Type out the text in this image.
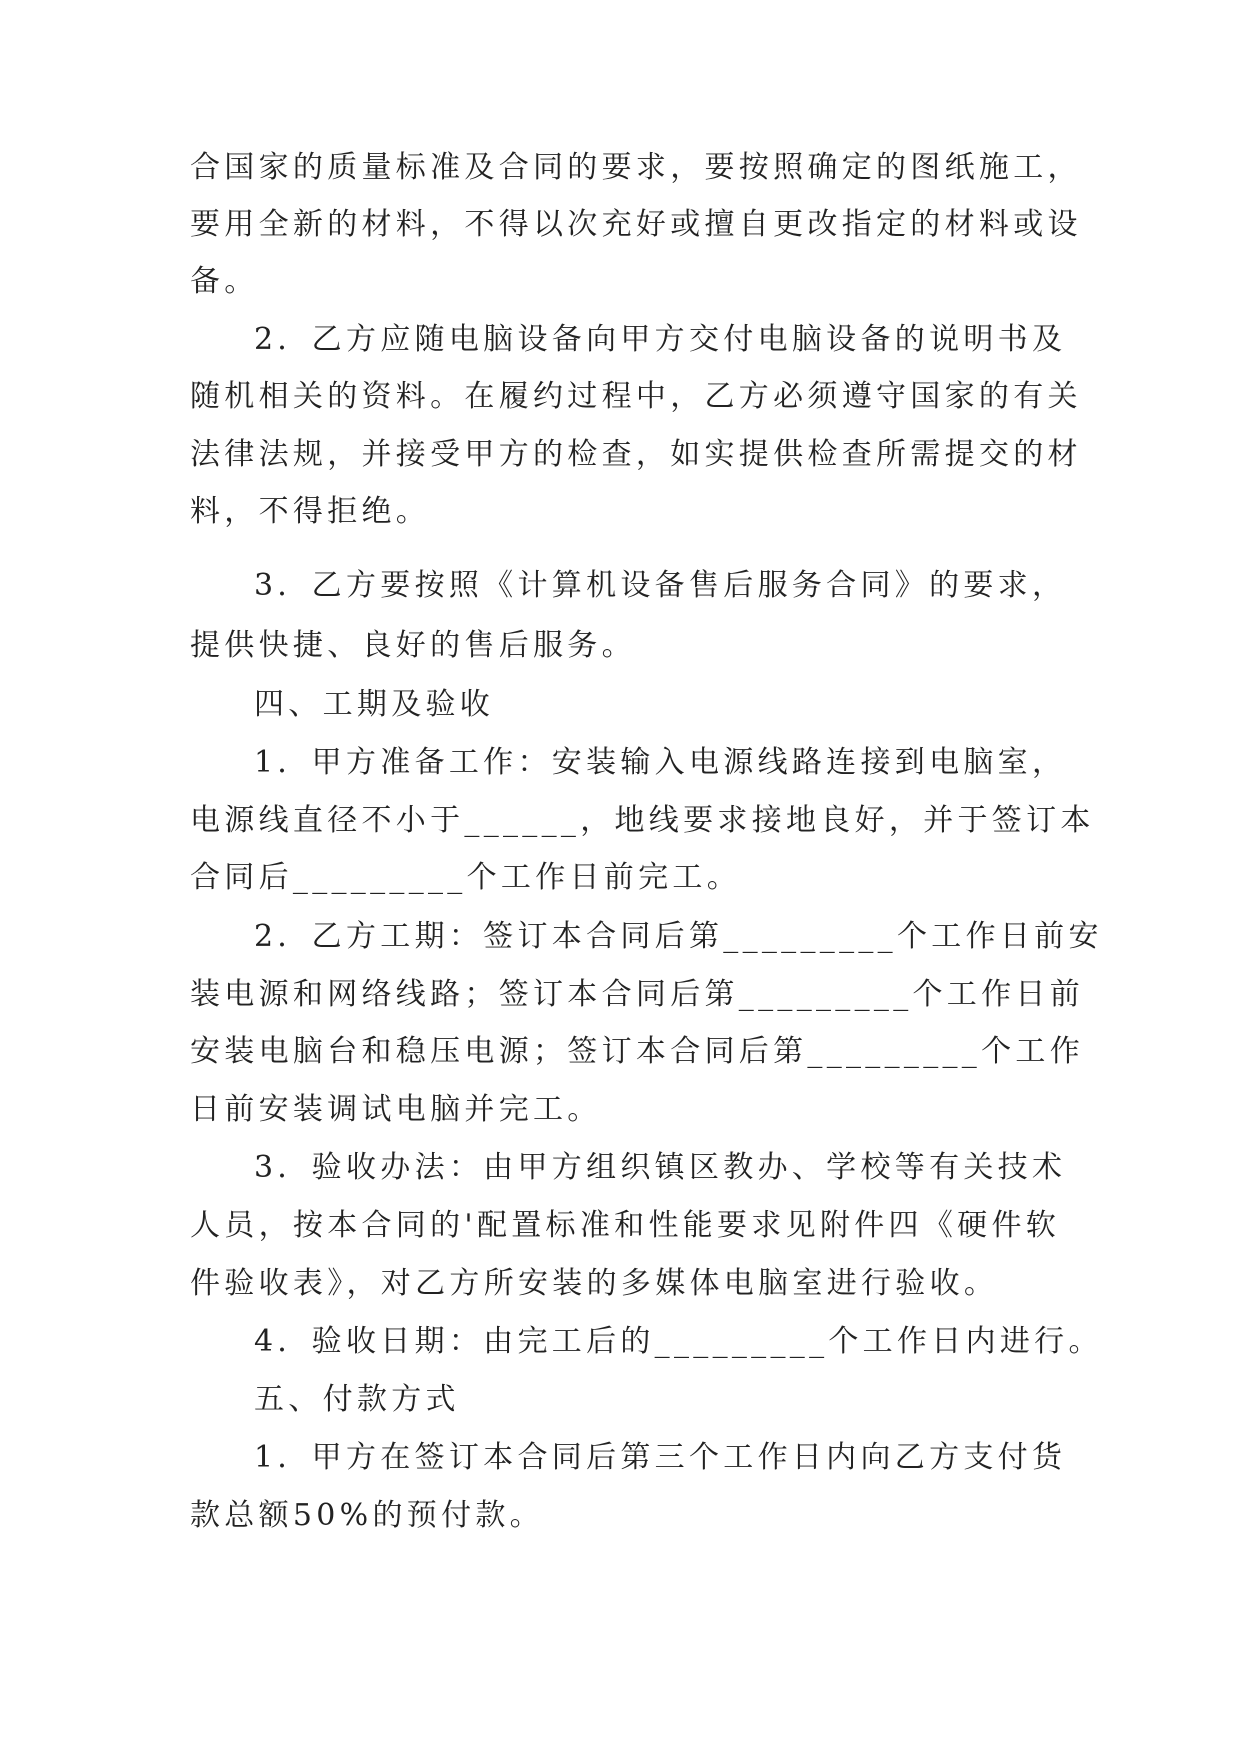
合国家的质量标准及合同的要求，要按照确定的图纸施工，
要用全新的材料，不得以次充好或擅自更改指定的材料或设
备。
2．乙方应随电脑设备向甲方交付电脑设备的说明书及
随机相关的资料。在履约过程中，乙方必须遵守国家的有关
法律法规，并接受甲方的检查，如实提供检查所需提交的材
料，不得拒绝。
3．乙方要按照《计算机设备售后服务合同》的要求，
提供快捷、良好的售后服务。
四、工期及验收
1．甲方准备工作：安装输入电源线路连接到电脑室，
电源线直径不小于______，地线要求接地良好，并于签订本
合同后_________个工作日前完工。
2．乙方工期：签订本合同后第_________个工作日前安
装电源和网络线路；签订本合同后第_________个工作日前
安装电脑台和稳压电源；签订本合同后第_________个工作
日前安装调试电脑并完工。
3．验收办法：由甲方组织镇区教办、学校等有关技术
人员，按本合同的'配置标准和性能要求见附件四《硬件软
件验收表》，对乙方所安装的多媒体电脑室进行验收。
4．验收日期：由完工后的_________个工作日内进行。
五、付款方式
1．甲方在签订本合同后第三个工作日内向乙方支付货
款总额50%的预付款。
